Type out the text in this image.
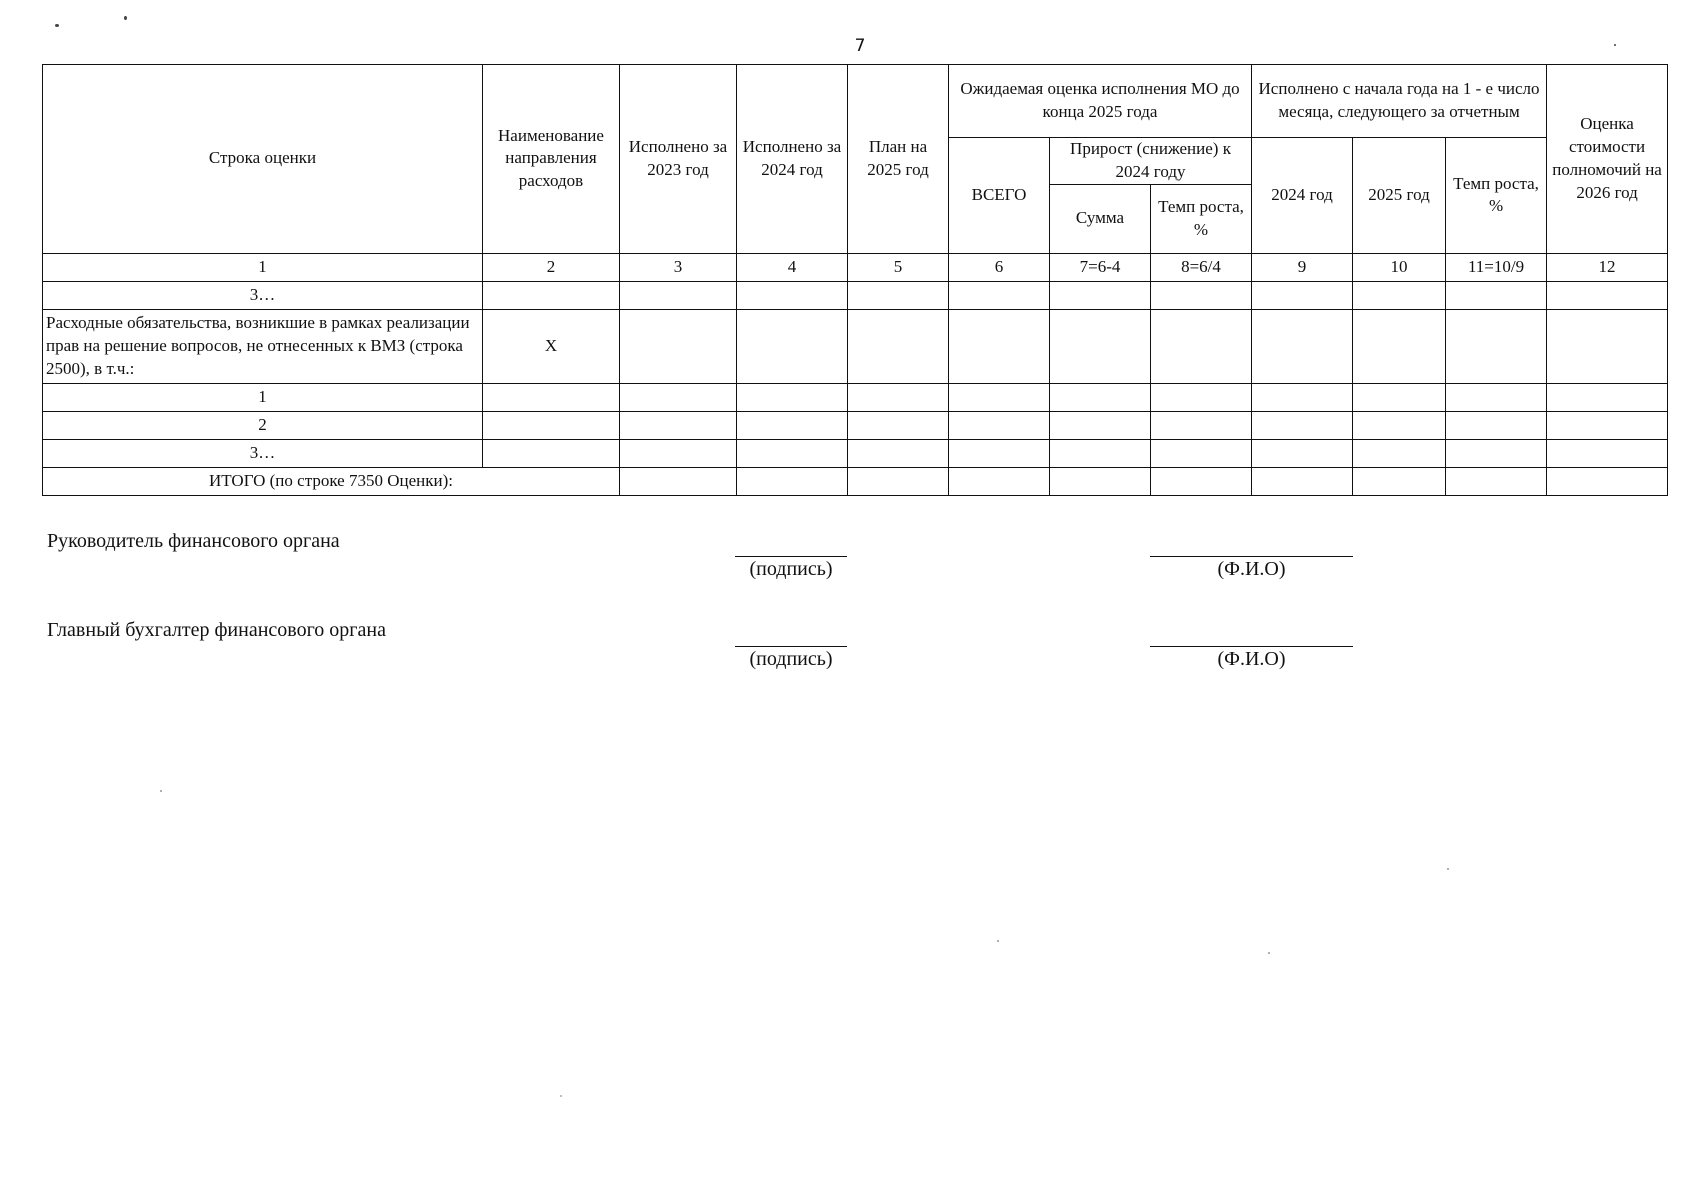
7
Строка оценки	Наименование направления расходов	Исполнено за 2023 год	Исполнено за 2024 год	План на 2025 год	Ожидаемая оценка исполнения МО до конца 2025 года			Исполнено с начала года на 1 - е число месяца, следующего за отчетным			Оценка стоимости полномочий на 2026 год
					ВСЕГО	Прирост (снижение) к 2024 году		2024 год	2025 год	Темп роста, %	
						Сумма	Темп роста, %				
1	2	3	4	5	6	7=6-4	8=6/4	9	10	11=10/9	12
3…											
Расходные обязательства, возникшие в рамках реализации прав на решение вопросов, не отнесенных к ВМЗ (строка 2500), в т.ч.:	Х										
1											
2											
3…											
ИТОГО (по строке 7350 Оценки):											
Руководитель финансового органа
(подпись)	(Ф.И.О)
Главный бухгалтер финансового органа
(подпись)	(Ф.И.О)
